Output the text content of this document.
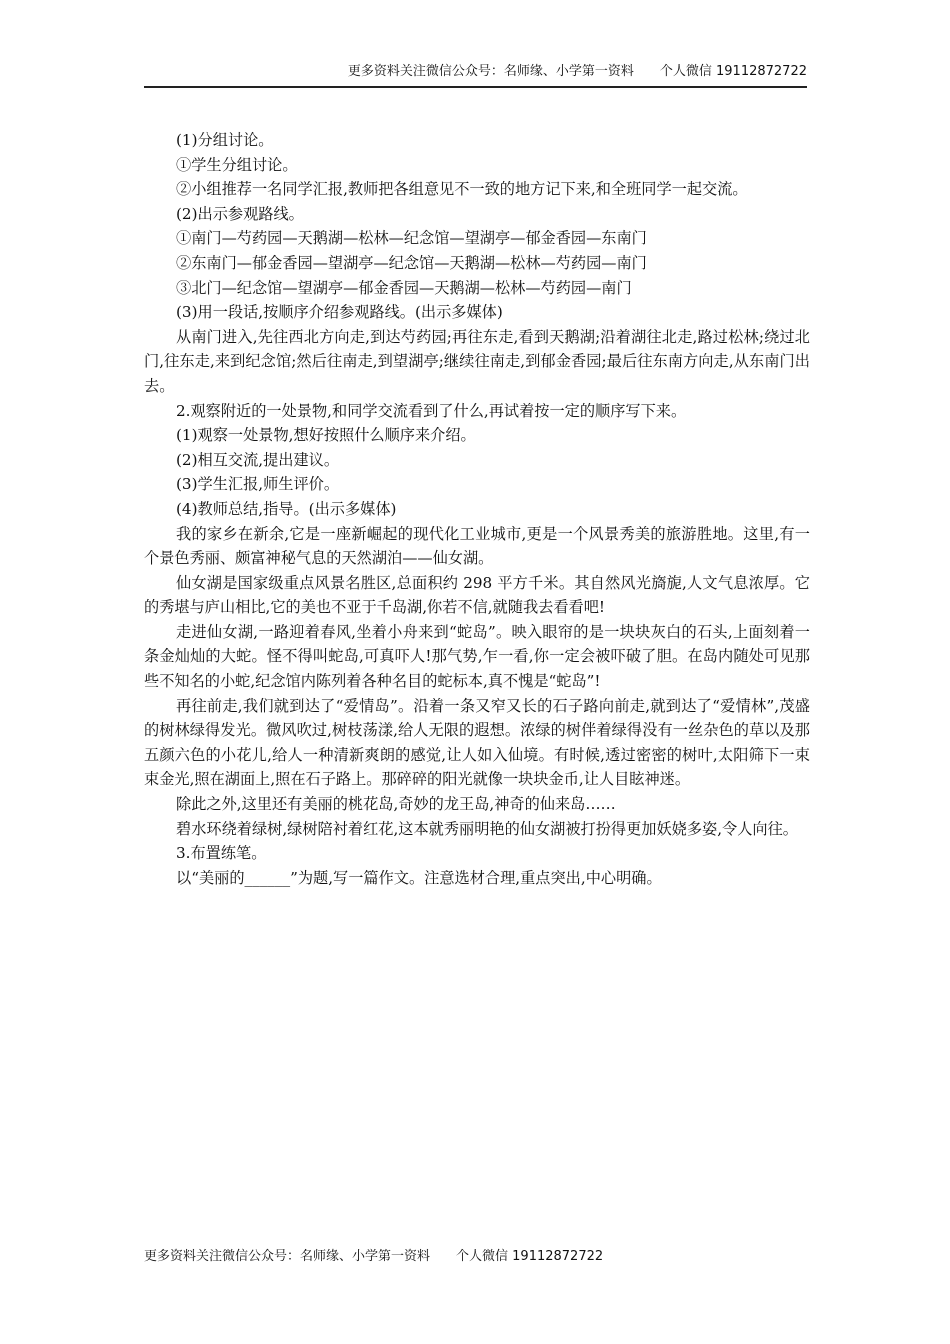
更多资料关注微信公众号：名师缘、小学第一资料 个人微信 19112872722

(1)分组讨论。

①学生分组讨论。

②小组推荐一名同学汇报,教师把各组意见不一致的地方记下来,和全班同学一起交流。

(2)出示参观路线。

①南门—芍药园—天鹅湖—松林—纪念馆—望湖亭—郁金香园—东南门

②东南门—郁金香园—望湖亭—纪念馆—天鹅湖—松林—芍药园—南门

③北门—纪念馆—望湖亭—郁金香园—天鹅湖—松林—芍药园—南门

(3)用一段话,按顺序介绍参观路线。(出示多媒体)

从南门进入,先往西北方向走,到达芍药园;再往东走,看到天鹅湖;沿着湖往北走,路过松林;绕过北门,往东走,来到纪念馆;然后往南走,到望湖亭;继续往南走,到郁金香园;最后往东南方向走,从东南门出去。

2.观察附近的一处景物,和同学交流看到了什么,再试着按一定的顺序写下来。

(1)观察一处景物,想好按照什么顺序来介绍。

(2)相互交流,提出建议。

(3)学生汇报,师生评价。

(4)教师总结,指导。(出示多媒体)

我的家乡在新余,它是一座新崛起的现代化工业城市,更是一个风景秀美的旅游胜地。这里,有一个景色秀丽、颇富神秘气息的天然湖泊——仙女湖。

仙女湖是国家级重点风景名胜区,总面积约 298 平方千米。其自然风光旖旎,人文气息浓厚。它的秀堪与庐山相比,它的美也不亚于千岛湖,你若不信,就随我去看看吧!

走进仙女湖,一路迎着春风,坐着小舟来到“蛇岛”。映入眼帘的是一块块灰白的石头,上面刻着一条金灿灿的大蛇。怪不得叫蛇岛,可真吓人!那气势,乍一看,你一定会被吓破了胆。在岛内随处可见那些不知名的小蛇,纪念馆内陈列着各种名目的蛇标本,真不愧是“蛇岛”!

再往前走,我们就到达了“爱情岛”。沿着一条又窄又长的石子路向前走,就到达了“爱情林”,茂盛的树林绿得发光。微风吹过,树枝荡漾,给人无限的遐想。浓绿的树伴着绿得没有一丝杂色的草以及那五颜六色的小花儿,给人一种清新爽朗的感觉,让人如入仙境。有时候,透过密密的树叶,太阳筛下一束束金光,照在湖面上,照在石子路上。那碎碎的阳光就像一块块金币,让人目眩神迷。

除此之外,这里还有美丽的桃花岛,奇妙的龙王岛,神奇的仙来岛……

碧水环绕着绿树,绿树陪衬着红花,这本就秀丽明艳的仙女湖被打扮得更加妖娆多姿,令人向往。

3.布置练笔。

以“美丽的______”为题,写一篇作文。注意选材合理,重点突出,中心明确。

更多资料关注微信公众号：名师缘、小学第一资料 个人微信 19112872722
